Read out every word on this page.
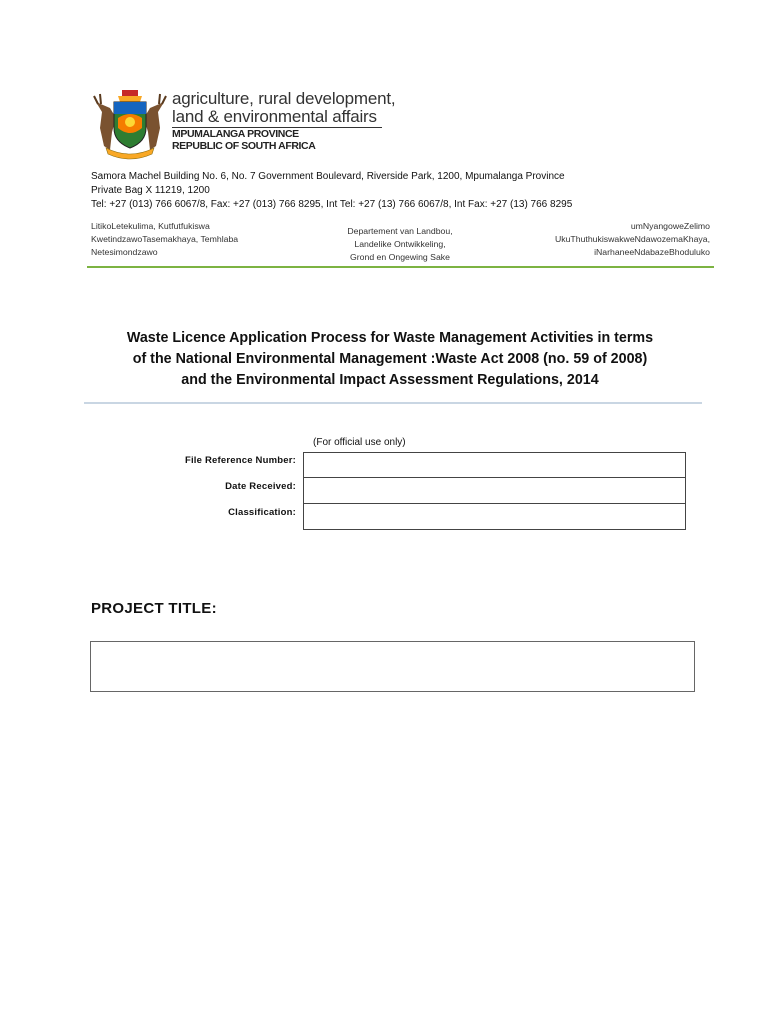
agriculture, rural development,
land & environmental affairs
MPUMALANGA PROVINCE
REPUBLIC OF SOUTH AFRICA
Samora Machel Building No. 6, No. 7 Government Boulevard, Riverside Park, 1200, Mpumalanga Province
Private Bag X 11219, 1200
Tel: +27 (013) 766 6067/8, Fax: +27 (013) 766 8295, Int Tel: +27 (13) 766 6067/8, Int Fax: +27 (13) 766 8295
LitikoLetekulima, Kutfutfukiswa
KwetindzawoTasemakhaya, Temhlaba
Netesimondzawo
Departement van Landbou,
Landelike Ontwikkeling,
Grond en Ongewing Sake
umNyangoweZelimo
UkuThuthukiswakweNdawozemaKhaya,
iNarhaneeNdabazeBhoduluko
Waste Licence Application Process for Waste Management Activities in terms
of the National Environmental Management :Waste Act 2008 (no. 59 of 2008)
and the Environmental Impact Assessment Regulations, 2014
(For official use only)
File Reference Number:
Date Received:
Classification:
PROJECT TITLE:
